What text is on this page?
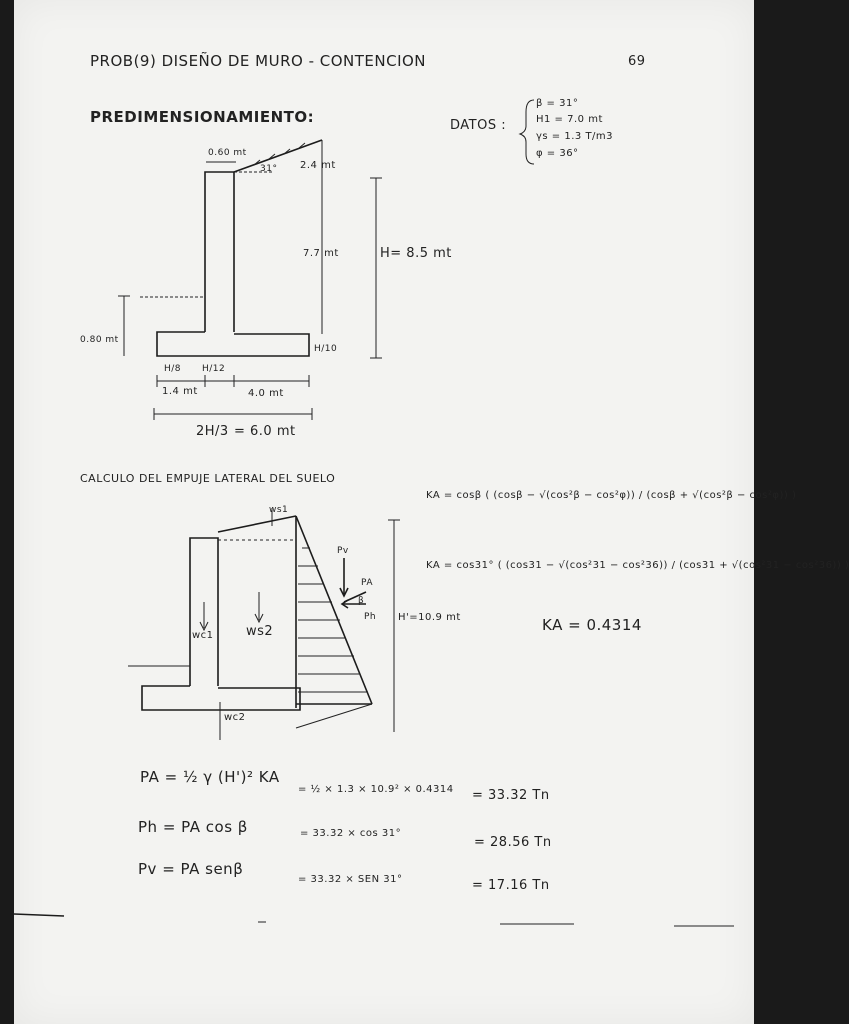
PROB(9) DISEÑO DE MURO - CONTENCION	69
PREDIMENSIONAMIENTO:	DATOS :
β = 31°
H1 = 7.0 mt
γs = 1.3 T/m3
φ = 36°
0.60 mt
31° 2.4 mt
7.7 mt	H= 8.5 mt
0.80 mt
H/10
H/8 H/12
1.4 mt	4.0 mt
2H/3 = 6.0 mt
CALCULO DEL EMPUJE LATERAL DEL SUELO
KA = cosβ ( (cosβ − √(cos²β − cos²φ)) / (cosβ + √(cos²β − cos²φ)) )
KA = cos31° ( (cos31 − √(cos²31 − cos²36)) / (cos31 + √(cos²31 − cos²36)) )
KA = 0.4314
ws1
ws2
wc1
wc2
Pv
PA
Ph
β
H'=10.9 mt
PA = ½ γ (H')² KA
= ½ × 1.3 × 10.9² × 0.4314 = 33.32 Tn
Ph = PA cos β	= 33.32 × cos 31°
= 28.56 Tn
Pv = PA senβ
= 33.32 × SEN 31°	= 17.16 Tn
